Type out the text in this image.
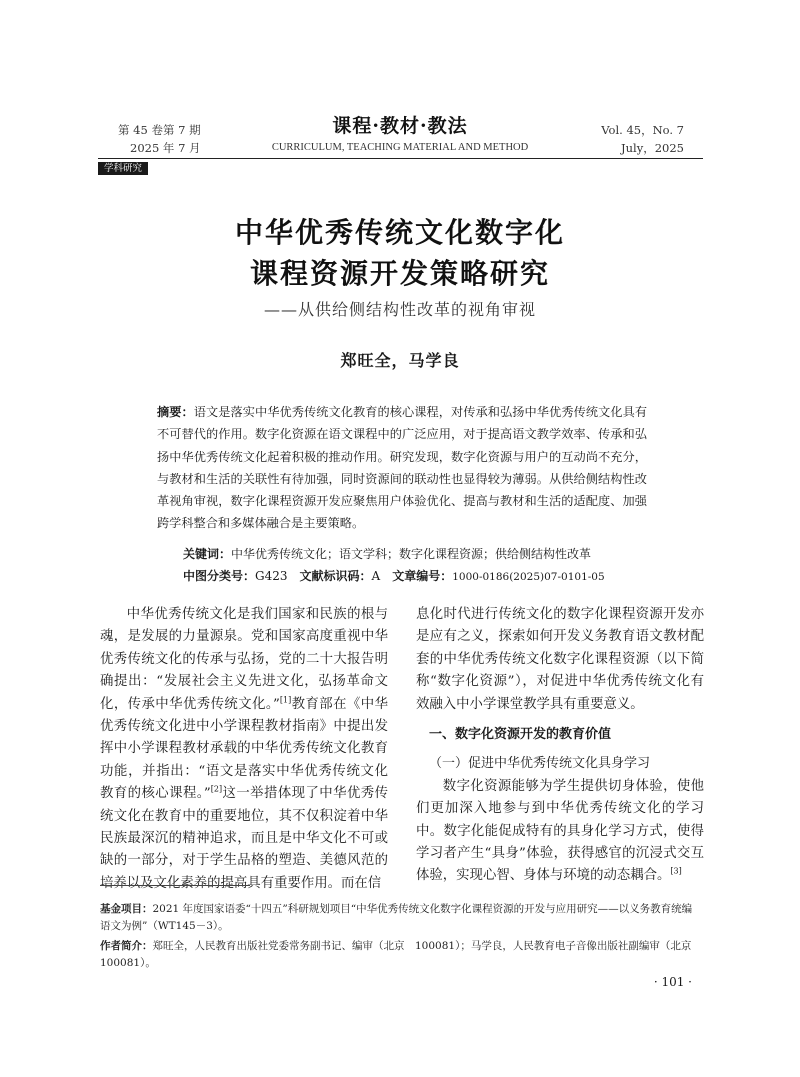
第 45 卷第 7 期
2025 年 7 月
课程·教材·教法
CURRICULUM, TEACHING MATERIAL AND METHOD
Vol. 45，No. 7
July，2025
学科研究
中华优秀传统文化数字化
课程资源开发策略研究
——从供给侧结构性改革的视角审视
郑旺全，马学良
摘要：语文是落实中华优秀传统文化教育的核心课程，对传承和弘扬中华优秀传统文化具有不可替代的作用。数字化资源在语文课程中的广泛应用，对于提高语文教学效率、传承和弘扬中华优秀传统文化起着积极的推动作用。研究发现，数字化资源与用户的互动尚不充分，与教材和生活的关联性有待加强，同时资源间的联动性也显得较为薄弱。从供给侧结构性改革视角审视，数字化课程资源开发应聚焦用户体验优化、提高与教材和生活的适配度、加强跨学科整合和多媒体融合是主要策略。
关键词：中华优秀传统文化；语文学科；数字化课程资源；供给侧结构性改革
中图分类号：G423 文献标识码：A 文章编号：1000-0186(2025)07-0101-05

中华优秀传统文化是我们国家和民族的根与魂，是发展的力量源泉。党和国家高度重视中华优秀传统文化的传承与弘扬，党的二十大报告明确提出：“发展社会主义先进文化，弘扬革命文化，传承中华优秀传统文化。”[1]教育部在《中华优秀传统文化进中小学课程教材指南》中提出发挥中小学课程教材承载的中华优秀传统文化教育功能，并指出：“语文是落实中华优秀传统文化教育的核心课程。”[2]这一举措体现了中华优秀传统文化在教育中的重要地位，其不仅积淀着中华民族最深沉的精神追求，而且是中华文化不可或缺的一部分，对于学生品格的塑造、美德风范的培养以及文化素养的提高具有重要作用。而在信

息化时代进行传统文化的数字化课程资源开发亦是应有之义，探索如何开发义务教育语文教材配套的中华优秀传统文化数字化课程资源（以下简称“数字化资源”），对促进中华优秀传统文化有效融入中小学课堂教学具有重要意义。

一、数字化资源开发的教育价值
（一）促进中华优秀传统文化具身学习

数字化资源能够为学生提供切身体验，使他们更加深入地参与到中华优秀传统文化的学习中。数字化能促成特有的具身化学习方式，使得学习者产生“具身”体验，获得感官的沉浸式交互体验，实现心智、身体与环境的动态耦合。[3]

基金项目：2021 年度国家语委“十四五”科研规划项目“中华优秀传统文化数字化课程资源的开发与应用研究——以义务教育统编语文为例”（WT145－3）。
作者简介：郑旺全，人民教育出版社党委常务副书记、编审（北京　100081）；马学良，人民教育电子音像出版社副编审（北京　100081）。
· 101 ·
